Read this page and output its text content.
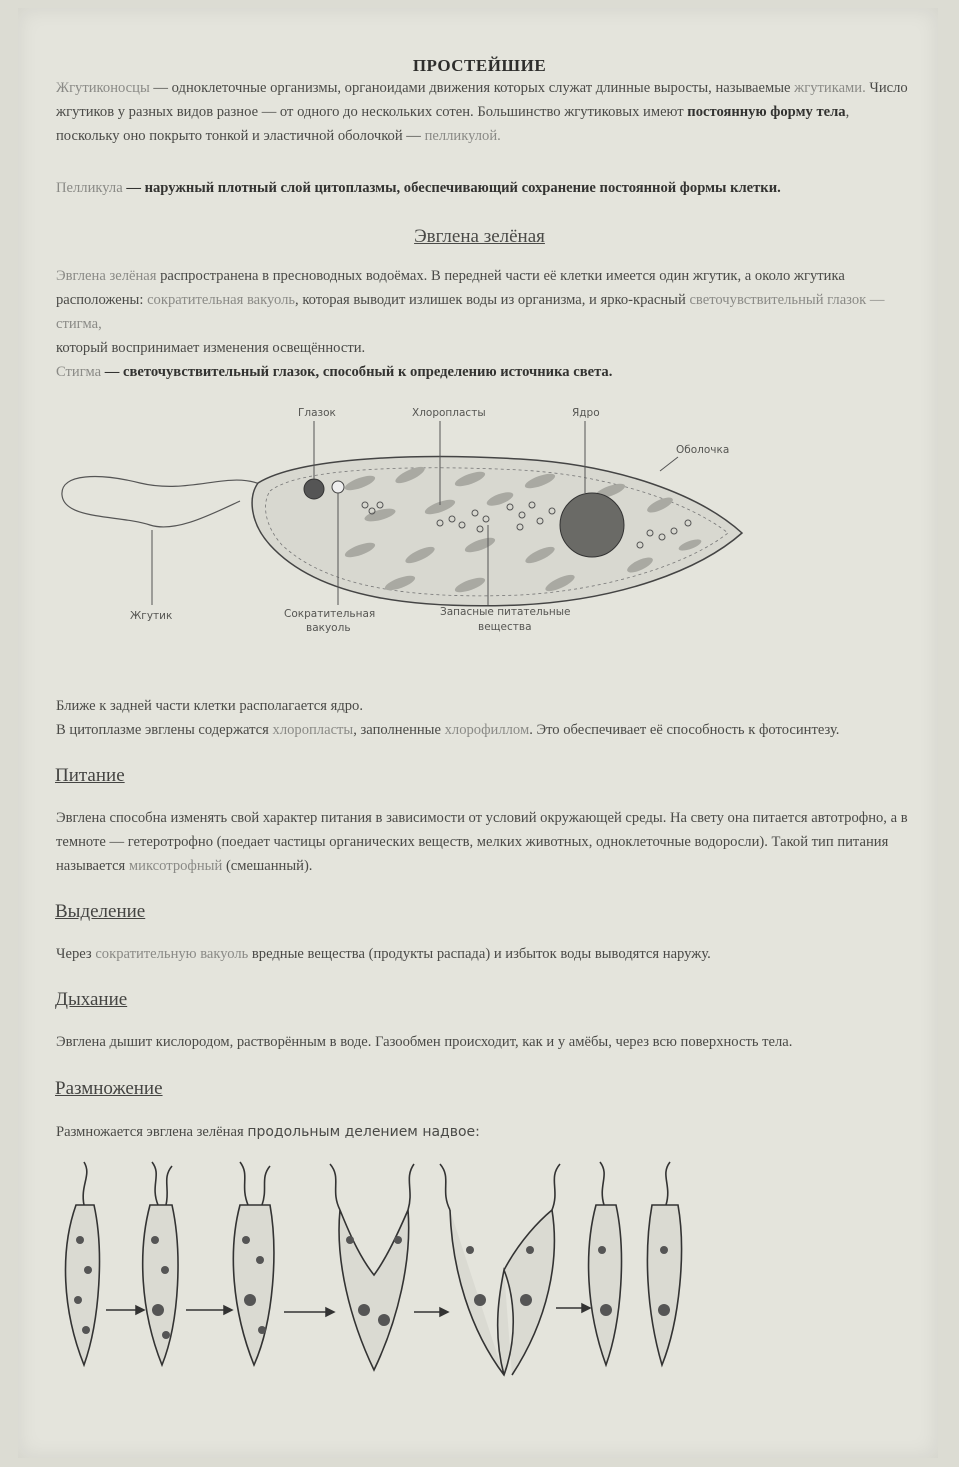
ПРОСТЕЙШИЕ
Жгутиконосцы — одноклеточные организмы, органоидами движения которых служат длинные выросты, называемые жгутиками. Число жгутиков у разных видов разное — от одного до нескольких сотен. Большинство жгутиковых имеют постоянную форму тела, поскольку оно покрыто тонкой и эластичной оболочкой — пелликулой.
Пелликула — наружный плотный слой цитоплазмы, обеспечивающий сохранение постоянной формы клетки.
Эвглена зелёная
Эвглена зелёная распространена в пресноводных водоёмах. В передней части её клетки имеется один жгутик, а около жгутика расположены: сократительная вакуоль, которая выводит излишек воды из организма, и ярко-красный светочувствительный глазок — стигма,
который воспринимает изменения освещённости.
Стигма — светочувствительный глазок, способный к определению источника света.
Глазок	Хлоропласты	Ядро
Оболочка
Жгутик	Сократительная
вакуоль
Запасные питательные
вещества
Ближе к задней части клетки располагается ядро.
В цитоплазме эвглены содержатся хлоропласты, заполненные хлорофиллом. Это обеспечивает её способность к фотосинтезу.
Питание
Эвглена способна изменять свой характер питания в зависимости от условий окружающей среды. На свету она питается автотрофно, а в темноте — гетеротрофно (поедает частицы органических веществ, мелких животных, одноклеточные водоросли). Такой тип питания называется миксотрофный (смешанный).
Выделение
Через сократительную вакуоль вредные вещества (продукты распада) и избыток воды выводятся наружу.
Дыхание
Эвглена дышит кислородом, растворённым в воде. Газообмен происходит, как и у амёбы, через всю поверхность тела.
Размножение
Размножается эвглена зелёная продольным делением надвое:
